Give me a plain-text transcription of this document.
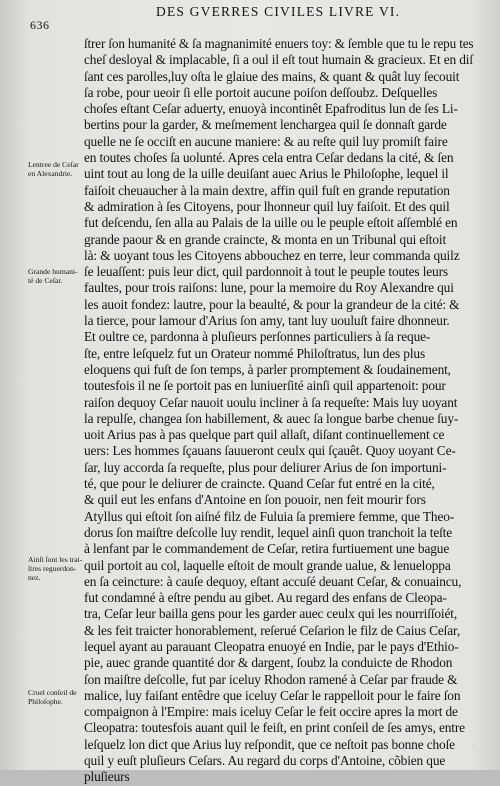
636
DES GVERRES CIVILES LIVRE VI.
Lentree de Ceſar
en Alexandrie.
Grande humani-
té de Ceſar.
Ainſi ſont les trai-
ſtres reguerdon-
nez.
Cruel conſeil de
Philoſophe.
ſtrer ſon humanité & ſa magnanimité enuers toy: & ſemble que tu le repu tes
cheſ desloyal & implacable, ſi a oul il eſt tout humain & gracieux. Et en diſ
ſant ces parolles,luy oſta le glaiue des mains, & quant & quât luy ſecouit
ſa robe, pour ueoir ſi elle portoit aucune poiſon deſſoubz. Deſquelles
choſes eſtant Ceſar aduerty, enuoyà incontinêt Epafroditus lun de ſes Li-
bertins pour la garder, & meſmement lenchargea quil ſe donnaſt garde
quelle ne ſe occiſt en aucune maniere: & au reſte quil luy promiſt faire
en toutes choſes ſa uolunté. Apres cela entra Ceſar dedans la cité, & ſen
uint tout au long de la uille deuiſant auec Arius le Philoſophe, lequel il
faiſoit cheuaucher à la main dextre, affin quil fuſt en grande reputation
& admiration à ſes Citoyens, pour lhonneur quil luy faiſoit. Et des quil
fut deſcendu, ſen alla au Palais de la uille ou le peuple eſtoit aſſemblé en
grande paour & en grande craincte, & monta en un Tribunal qui eſtoit
là: & uoyant tous les Citoyens abbouchez en terre, leur commanda quilz
ſe leuaſſent: puis leur dict, quil pardonnoit à tout le peuple toutes leurs
faultes, pour trois raiſons: lune, pour la memoire du Roy Alexandre qui
les auoit fondez: lautre, pour la beaulté, & pour la grandeur de la cité: &
la tierce, pour lamour d'Arius ſon amy, tant luy uouluſt faire dhonneur.
Et oultre ce, pardonna à pluſieurs perſonnes particuliers à ſa reque-
ſte, entre leſquelz fut un Orateur nommé Philoſtratus, lun des plus
eloquens qui fuſt de ſon temps, à parler promptement & ſoudainement,
toutesfois il ne ſe portoit pas en luniuerſité ainſi quil appartenoit: pour
raiſon dequoy Ceſar nauoit uoulu incliner à ſa requeſte: Mais luy uoyant
la repulſe, changea ſon habillement, & auec ſa longue barbe chenue ſuy-
uoit Arius pas à pas quelque part quil allaſt, diſant continuellement ce
uers: Les hommes ſçauans ſauueront ceulx qui ſçauêt. Quoy uoyant Ce-
ſar, luy accorda ſa requeſte, plus pour deliurer Arius de ſon importuni-
té, que pour le deliurer de craincte. Quand Ceſar fut entré en la cité,
& quil eut les enfans d'Antoine en ſon pouoir, nen feit mourir fors
Atyllus qui eſtoit ſon aiſné filz de Fuluia ſa premiere femme, que Theo-
dorus ſon maiſtre deſcolle luy rendit, lequel ainſi quon tranchoit la teſte
à lenfant par le commandement de Ceſar, retira furtiuement une bague
quil portoit au col, laquelle eſtoit de moult grande ualue, & lenueloppa
en ſa ceincture: à cauſe dequoy, eſtant accuſé deuant Ceſar, & conuaincu,
fut condamné à eſtre pendu au gibet. Au regard des enfans de Cleopa-
tra, Ceſar leur bailla gens pour les garder auec ceulx qui les nourriſſoiét,
& les feit traicter honorablement, reſerué Ceſarion le filz de Caius Ceſar,
lequel ayant au parauant Cleopatra enuoyé en Indie, par le pays d'Ethio-
pie, auec grande quantité dor & dargent, ſoubz la conduicte de Rhodon
ſon maiſtre deſcolle, fut par iceluy Rhodon ramené à Ceſar par fraude &
malice, luy faiſant entêdre que iceluy Ceſar le rappelloit pour le faire ſon
compaignon à l'Empire: mais iceluy Ceſar le feit occire apres la mort de
Cleopatra: toutesfois auant quil le feiſt, en print conſeil de ſes amys, entre
leſquelz lon dict que Arius luy reſpondit, que ce neſtoit pas bonne choſe
quil y euſt pluſieurs Ceſars. Au regard du corps d'Antoine, cõbien que
pluſieurs
·
